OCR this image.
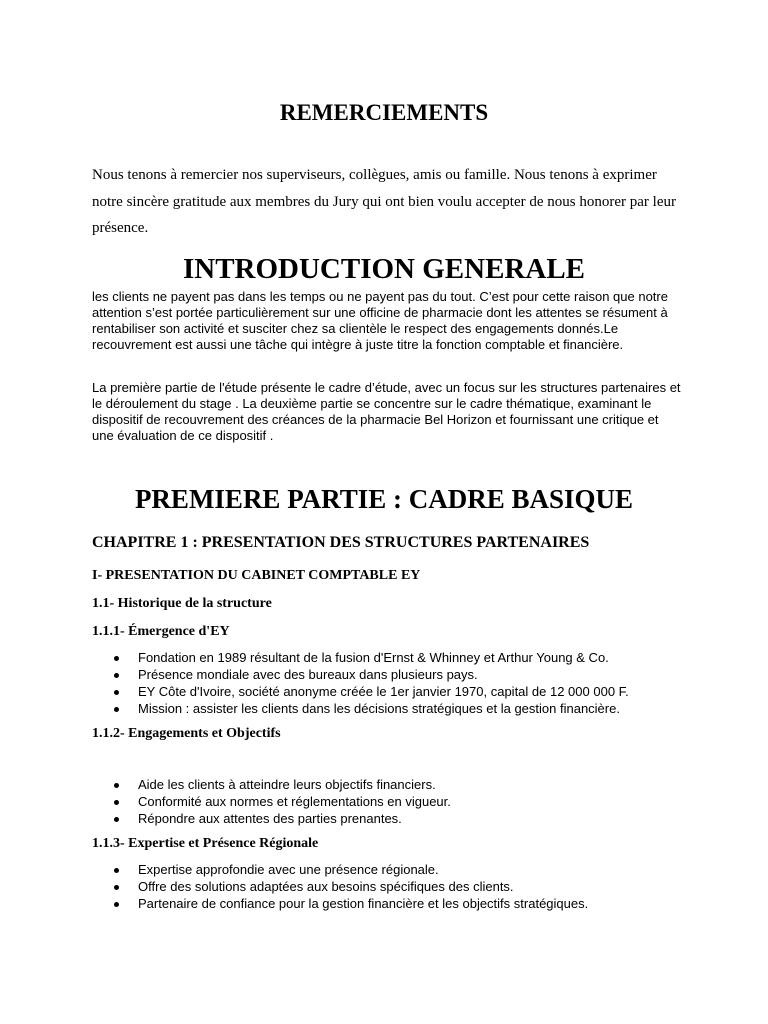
REMERCIEMENTS

Nous tenons à remercier nos superviseurs, collègues, amis ou famille. Nous tenons à exprimer notre sincère gratitude aux membres du Jury qui ont bien voulu accepter de nous honorer par leur présence.

INTRODUCTION GENERALE

les clients ne payent pas dans les temps ou ne payent pas du tout. C’est pour cette raison que notre attention s’est portée particulièrement sur une officine de pharmacie dont les attentes se résument à rentabiliser son activité et susciter chez sa clientèle le respect des engagements donnés.Le recouvrement est aussi une tâche qui intègre à juste titre la fonction comptable et financière.

La première partie de l'étude présente le cadre d’étude, avec un focus sur les structures partenaires et le déroulement du stage . La deuxième partie se concentre sur le cadre thématique, examinant le dispositif de recouvrement des créances de la pharmacie Bel Horizon et fournissant une critique et une évaluation de ce dispositif .

PREMIERE PARTIE : CADRE BASIQUE
CHAPITRE 1 : PRESENTATION DES STRUCTURES PARTENAIRES
I- PRESENTATION DU CABINET COMPTABLE EY
1.1- Historique de la structure
1.1.1- Émergence d'EY
Fondation en 1989 résultant de la fusion d'Ernst & Whinney et Arthur Young & Co.
Présence mondiale avec des bureaux dans plusieurs pays.
EY Côte d'Ivoire, société anonyme créée le 1er janvier 1970, capital de 12 000 000 F.
Mission : assister les clients dans les décisions stratégiques et la gestion financière.
1.1.2- Engagements et Objectifs
Aide les clients à atteindre leurs objectifs financiers.
Conformité aux normes et réglementations en vigueur.
Répondre aux attentes des parties prenantes.
1.1.3- Expertise et Présence Régionale
Expertise approfondie avec une présence régionale.
Offre des solutions adaptées aux besoins spécifiques des clients.
Partenaire de confiance pour la gestion financière et les objectifs stratégiques.
